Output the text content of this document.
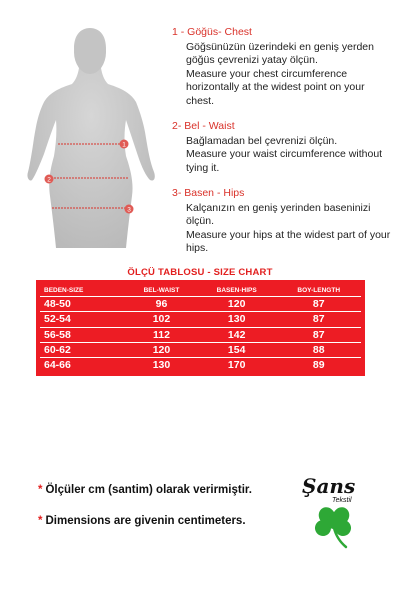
1
2
3
1 - Göğüs- Chest
Göğsünüzün üzerindeki en geniş yerden göğüs çevrenizi yatay ölçün.
Measure your chest circumference horizontally at the widest point on your chest.
2- Bel - Waist
Bağlamadan bel çevrenizi ölçün.
Measure your waist circumference without tying it.
3- Basen - Hips
Kalçanızın en geniş yerinden baseninizi ölçün.
Measure your hips at the widest part of your hips.
ÖLÇÜ TABLOSU - SIZE CHART
BEDEN-SIZE	BEL-WAIST	BASEN-HIPS	BOY-LENGTH
48-50	96	120	87
52-54	102	130	87
56-58	112	142	87
60-62	120	154	88
64-66	130	170	89
* Ölçüler cm (santim) olarak verirmiştir.
* Dimensions are givenin centimeters.
Şans
Tekstil
